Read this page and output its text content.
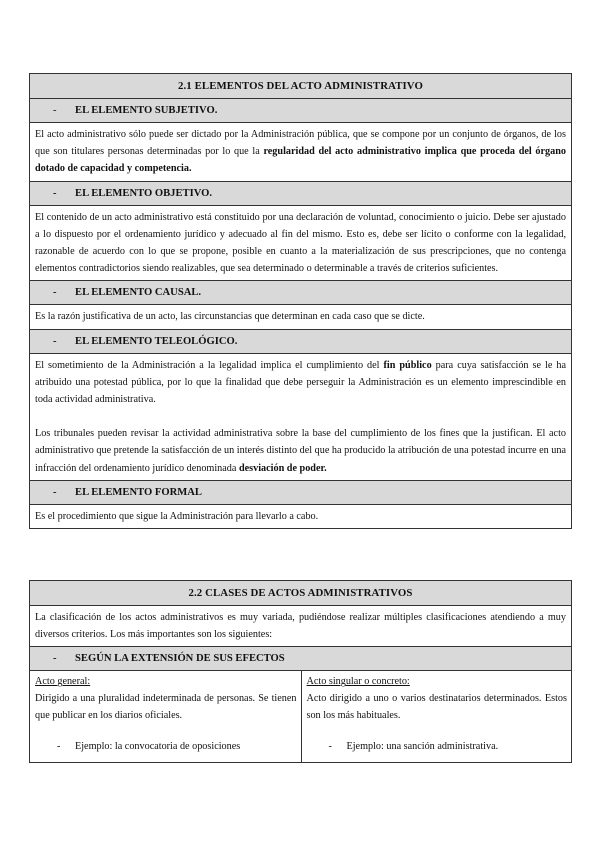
2.1 ELEMENTOS DEL ACTO ADMINISTRATIVO
- EL ELEMENTO SUBJETIVO.

El acto administrativo sólo puede ser dictado por la Administración pública, que se compone por un conjunto de órganos, de los que son titulares personas determinadas por lo que la regularidad del acto administrativo implica que proceda del órgano dotado de capacidad y competencia.

- EL ELEMENTO OBJETIVO.

El contenido de un acto administrativo está constituido por una declaración de voluntad, conocimiento o juicio. Debe ser ajustado a lo dispuesto por el ordenamiento jurídico y adecuado al fin del mismo. Esto es, debe ser lícito o conforme con la legalidad, razonable de acuerdo con lo que se propone, posible en cuanto a la materialización de sus prescripciones, que no contenga elementos contradictorios siendo realizables, que sea determinado o determinable a través de criterios suficientes.

- EL ELEMENTO CAUSAL.

Es la razón justificativa de un acto, las circunstancias que determinan en cada caso que se dicte.

- EL ELEMENTO TELEOLÓGICO.

El sometimiento de la Administración a la legalidad implica el cumplimiento del fin público para cuya satisfacción se le ha atribuido una potestad pública, por lo que la finalidad que debe perseguir la Administración es un elemento imprescindible en toda actividad administrativa.

Los tribunales pueden revisar la actividad administrativa sobre la base del cumplimiento de los fines que la justifican. El acto administrativo que pretende la satisfacción de un interés distinto del que ha producido la atribución de una potestad incurre en una infracción del ordenamiento jurídico denominada desviación de poder.

- EL ELEMENTO FORMAL

Es el procedimiento que sigue la Administración para llevarlo a cabo.

2.2 CLASES DE ACTOS ADMINISTRATIVOS

La clasificación de los actos administrativos es muy variada, pudiéndose realizar múltiples clasificaciones atendiendo a muy diversos criterios. Los más importantes son los siguientes:

- SEGÚN LA EXTENSIÓN DE SUS EFECTOS
Acto general:
Dirigido a una pluralidad indeterminada de personas. Se tienen que publicar en los diarios oficiales.
- Ejemplo: la convocatoria de oposiciones
Acto singular o concreto:
Acto dirigido a uno o varios destinatarios determinados. Estos son los más habituales.
- Ejemplo: una sanción administrativa.
